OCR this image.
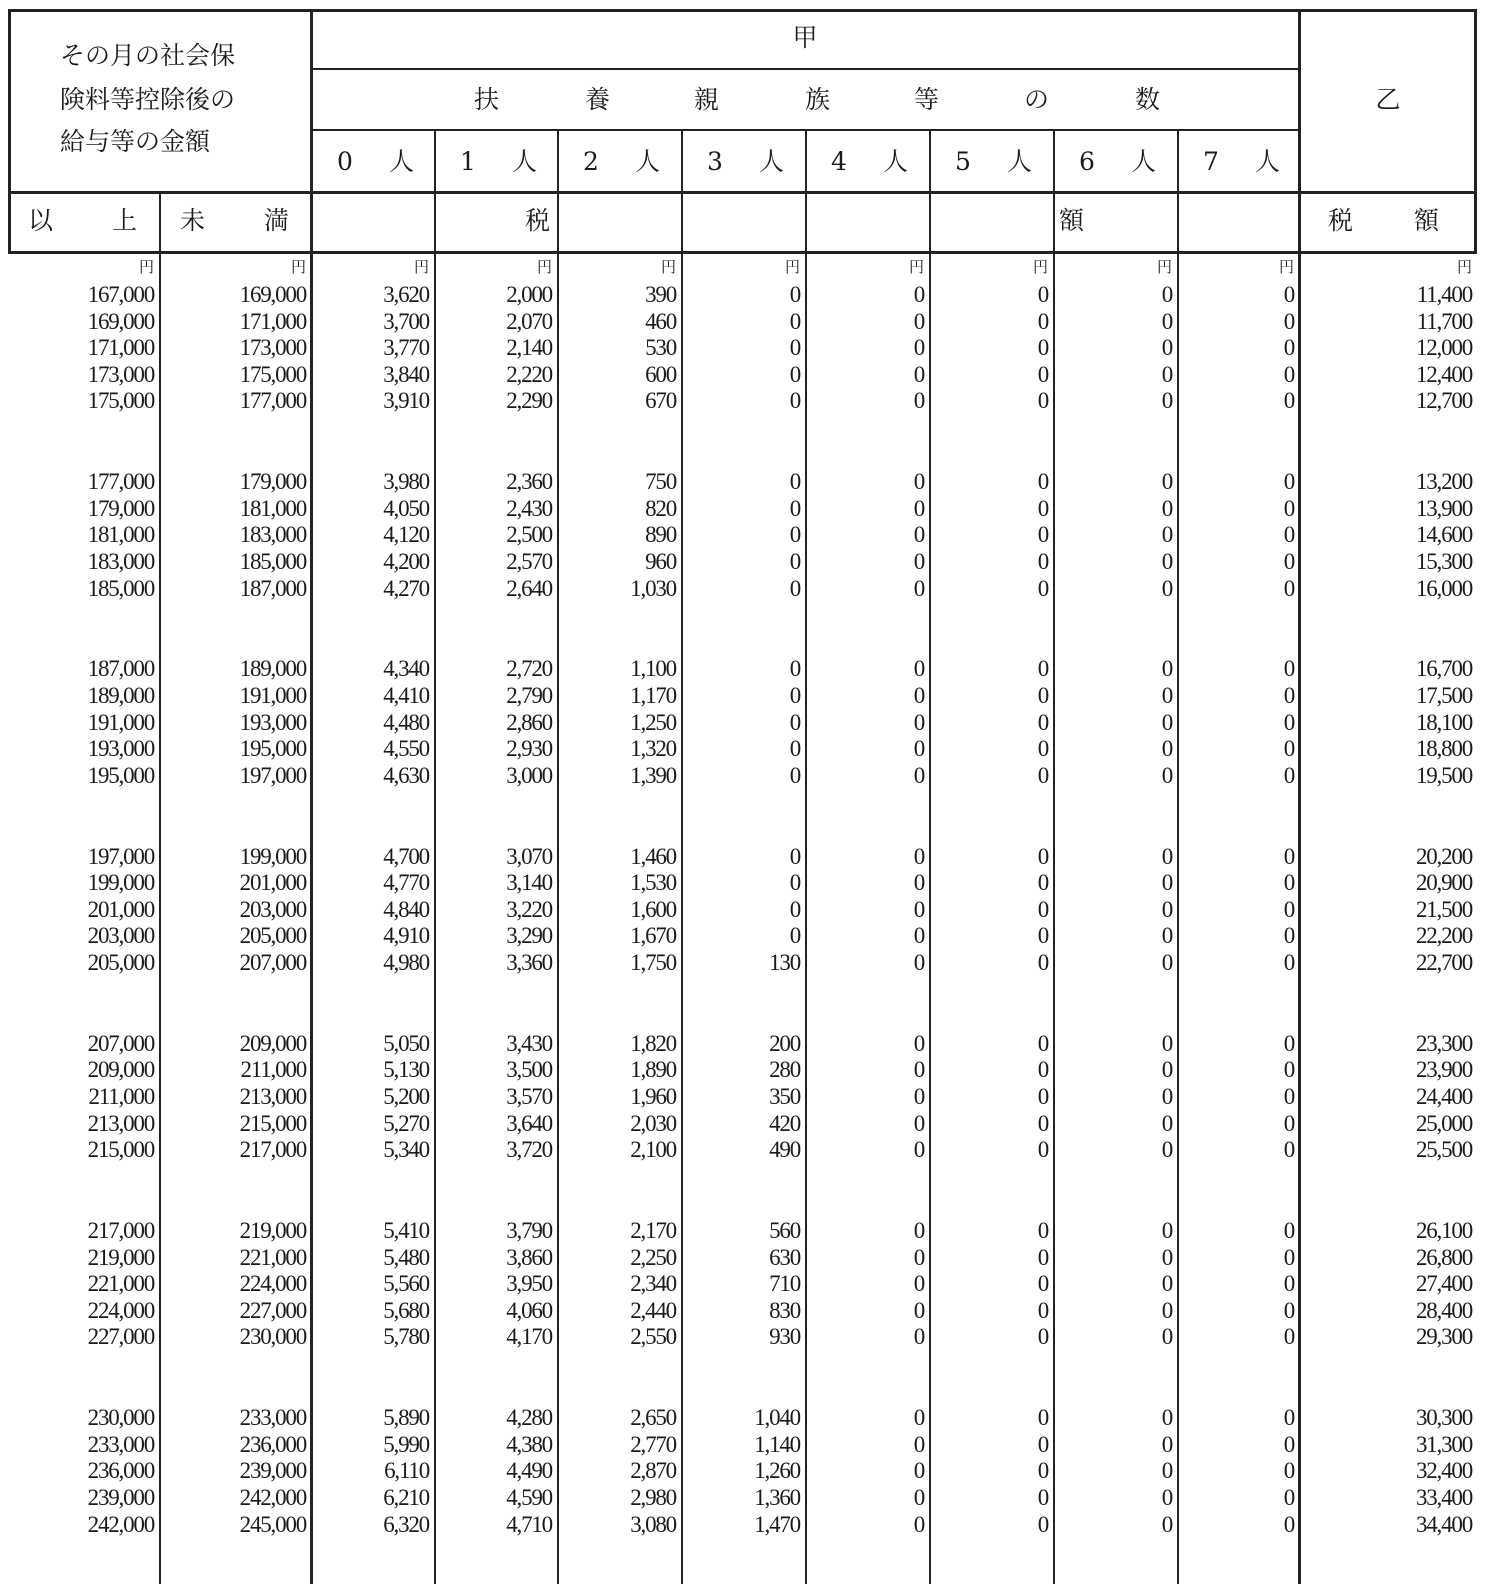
その月の社会保
険料等控除後の
給与等の金額
甲
乙
扶	養	親	族	等	の	数
0 人 1 人 2 人 3 人 4 人 5 人 6 人 7 人
以 上 未 満	税	額	税 額
円	円	円	円	円	円	円	円	円	円	円
167,000	169,000	3,620	2,000	390	0	0	0	0	0	11,400
169,000	171,000	3,700	2,070	460	0	0	0	0	0	11,700
171,000	173,000	3,770	2,140	530	0	0	0	0	0	12,000
173,000	175,000	3,840	2,220	600	0	0	0	0	0	12,400
175,000	177,000	3,910	2,290	670	0	0	0	0	0	12,700
177,000	179,000	3,980	2,360	750	0	0	0	0	0	13,200
179,000	181,000	4,050	2,430	820	0	0	0	0	0	13,900
181,000	183,000	4,120	2,500	890	0	0	0	0	0	14,600
183,000	185,000	4,200	2,570	960	0	0	0	0	0	15,300
185,000	187,000	4,270	2,640	1,030	0	0	0	0	0	16,000
187,000	189,000	4,340	2,720	1,100	0	0	0	0	0	16,700
189,000	191,000	4,410	2,790	1,170	0	0	0	0	0	17,500
191,000	193,000	4,480	2,860	1,250	0	0	0	0	0	18,100
193,000	195,000	4,550	2,930	1,320	0	0	0	0	0	18,800
195,000	197,000	4,630	3,000	1,390	0	0	0	0	0	19,500
197,000	199,000	4,700	3,070	1,460	0	0	0	0	0	20,200
199,000	201,000	4,770	3,140	1,530	0	0	0	0	0	20,900
201,000	203,000	4,840	3,220	1,600	0	0	0	0	0	21,500
203,000	205,000	4,910	3,290	1,670	0	0	0	0	0	22,200
205,000	207,000	4,980	3,360	1,750	130	0	0	0	0	22,700
207,000	209,000	5,050	3,430	1,820	200	0	0	0	0	23,300
209,000	211,000	5,130	3,500	1,890	280	0	0	0	0	23,900
211,000	213,000	5,200	3,570	1,960	350	0	0	0	0	24,400
213,000	215,000	5,270	3,640	2,030	420	0	0	0	0	25,000
215,000	217,000	5,340	3,720	2,100	490	0	0	0	0	25,500
217,000	219,000	5,410	3,790	2,170	560	0	0	0	0	26,100
219,000	221,000	5,480	3,860	2,250	630	0	0	0	0	26,800
221,000	224,000	5,560	3,950	2,340	710	0	0	0	0	27,400
224,000	227,000	5,680	4,060	2,440	830	0	0	0	0	28,400
227,000	230,000	5,780	4,170	2,550	930	0	0	0	0	29,300
230,000	233,000	5,890	4,280	2,650	1,040	0	0	0	0	30,300
233,000	236,000	5,990	4,380	2,770	1,140	0	0	0	0	31,300
236,000	239,000	6,110	4,490	2,870	1,260	0	0	0	0	32,400
239,000	242,000	6,210	4,590	2,980	1,360	0	0	0	0	33,400
242,000	245,000	6,320	4,710	3,080	1,470	0	0	0	0	34,400
